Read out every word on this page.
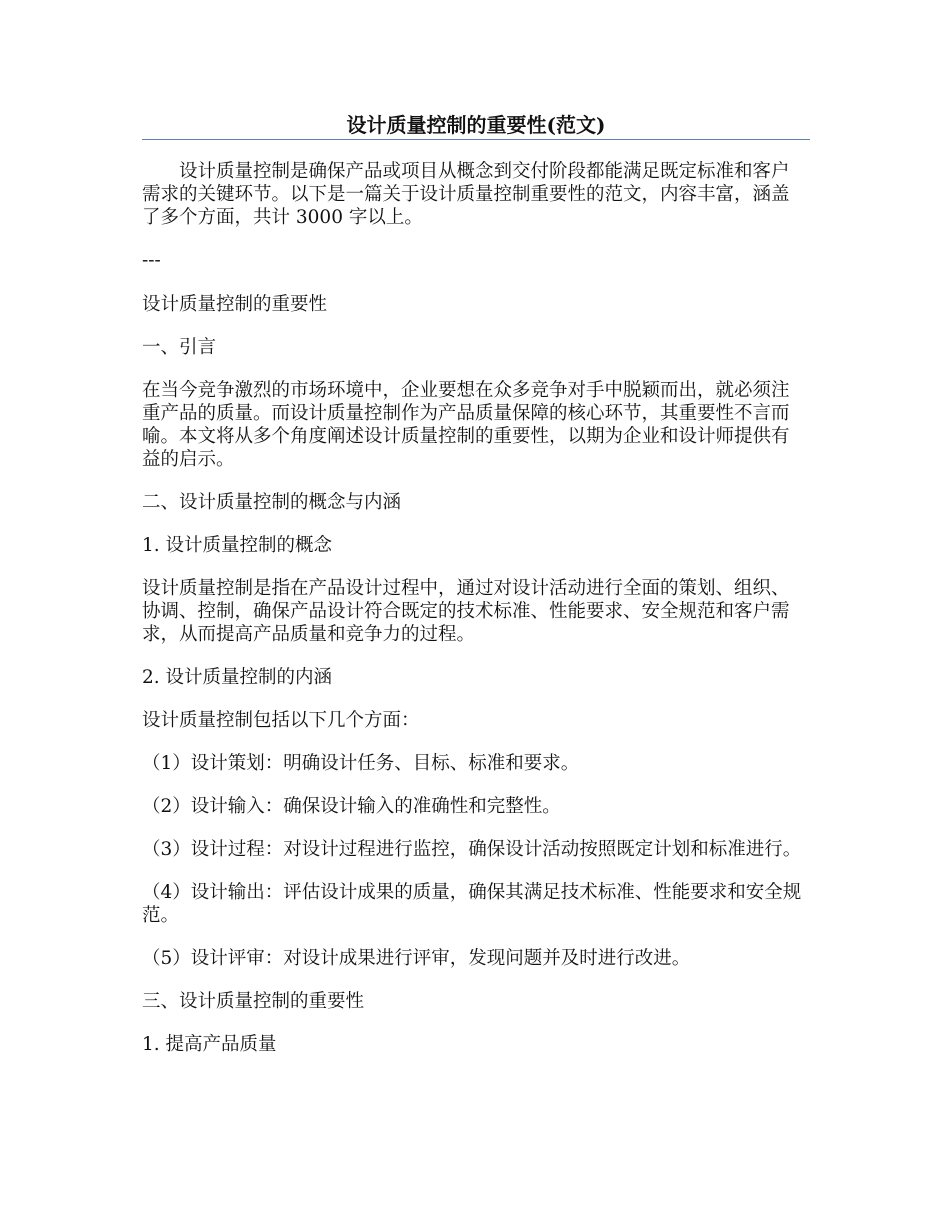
设计质量控制的重要性(范文)

设计质量控制是确保产品或项目从概念到交付阶段都能满足既定标准和客户需求的关键环节。以下是一篇关于设计质量控制重要性的范文，内容丰富，涵盖了多个方面，共计 3000 字以上。

---

设计质量控制的重要性

一、引言

在当今竞争激烈的市场环境中，企业要想在众多竞争对手中脱颖而出，就必须注重产品的质量。而设计质量控制作为产品质量保障的核心环节，其重要性不言而喻。本文将从多个角度阐述设计质量控制的重要性，以期为企业和设计师提供有益的启示。

二、设计质量控制的概念与内涵

1. 设计质量控制的概念

设计质量控制是指在产品设计过程中，通过对设计活动进行全面的策划、组织、协调、控制，确保产品设计符合既定的技术标准、性能要求、安全规范和客户需求，从而提高产品质量和竞争力的过程。

2. 设计质量控制的内涵

设计质量控制包括以下几个方面：

（1）设计策划：明确设计任务、目标、标准和要求。

（2）设计输入：确保设计输入的准确性和完整性。

（3）设计过程：对设计过程进行监控，确保设计活动按照既定计划和标准进行。

（4）设计输出：评估设计成果的质量，确保其满足技术标准、性能要求和安全规范。

（5）设计评审：对设计成果进行评审，发现问题并及时进行改进。

三、设计质量控制的重要性

1. 提高产品质量
